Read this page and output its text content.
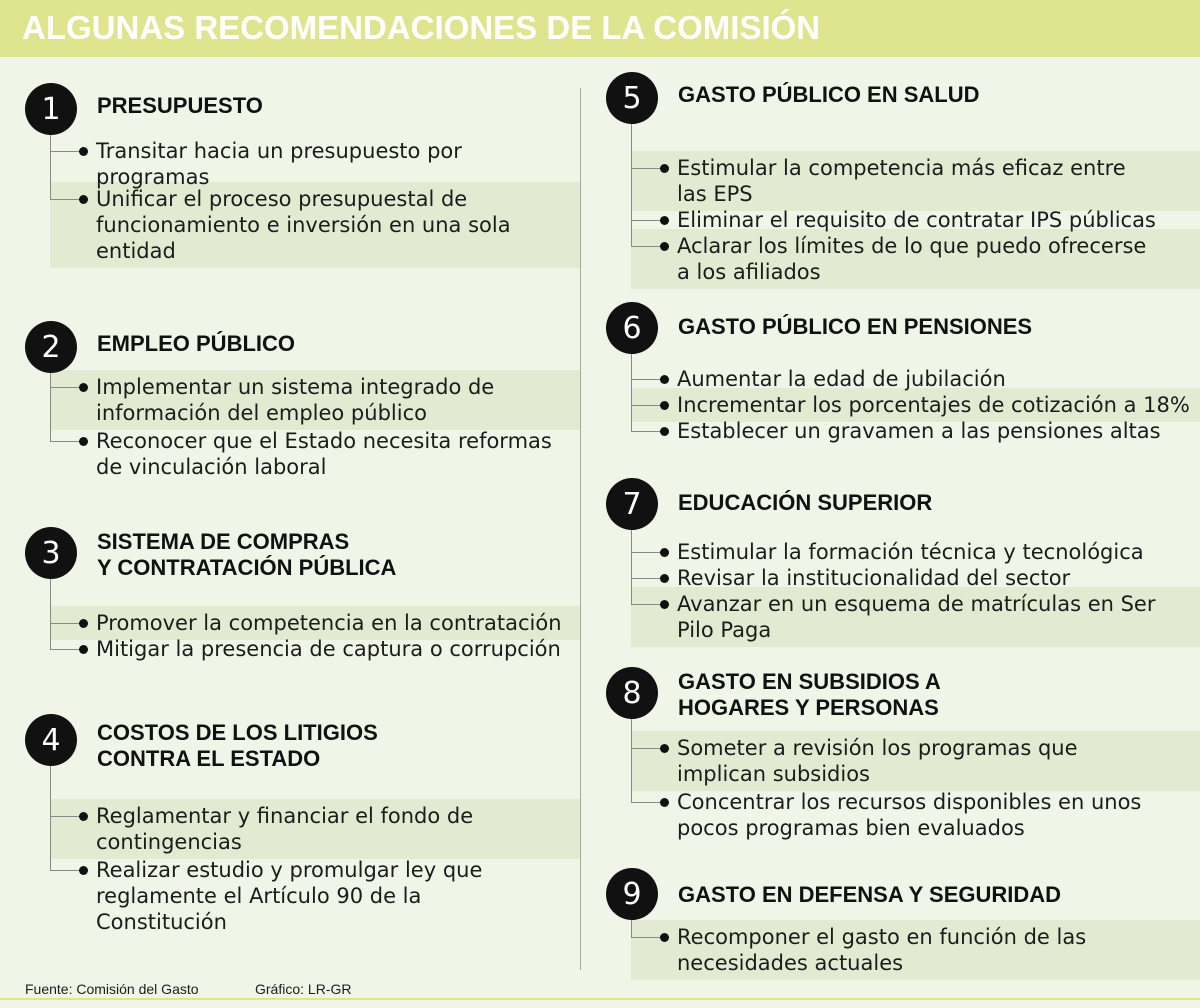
ALGUNAS RECOMENDACIONES DE LA COMISIÓN
1	PRESUPUESTO
Transitar hacia un presupuesto por
programas
Unificar el proceso presupuestal de
funcionamiento e inversión en una sola
entidad
2	EMPLEO PÚBLICO
Implementar un sistema integrado de
información del empleo público
Reconocer que el Estado necesita reformas
de vinculación laboral
3	SISTEMA DE COMPRAS
Y CONTRATACIÓN PÚBLICA
Promover la competencia en la contratación
Mitigar la presencia de captura o corrupción
4	COSTOS DE LOS LITIGIOS
CONTRA EL ESTADO
Reglamentar y financiar el fondo de
contingencias
Realizar estudio y promulgar ley que
reglamente el Artículo 90 de la
Constitución
5	GASTO PÚBLICO EN SALUD
Estimular la competencia más eficaz entre
las EPS
Eliminar el requisito de contratar IPS públicas
Aclarar los límites de lo que puedo ofrecerse
a los afiliados
6	GASTO PÚBLICO EN PENSIONES
Aumentar la edad de jubilación
Incrementar los porcentajes de cotización a 18%
Establecer un gravamen a las pensiones altas
7	EDUCACIÓN SUPERIOR
Estimular la formación técnica y tecnológica
Revisar la institucionalidad del sector
Avanzar en un esquema de matrículas en Ser
Pilo Paga
8	GASTO EN SUBSIDIOS A
HOGARES Y PERSONAS
Someter a revisión los programas que
implican subsidios
Concentrar los recursos disponibles en unos
pocos programas bien evaluados
9	GASTO EN DEFENSA Y SEGURIDAD
Recomponer el gasto en función de las
necesidades actuales
Fuente: Comisión del Gasto	Gráfico: LR-GR
